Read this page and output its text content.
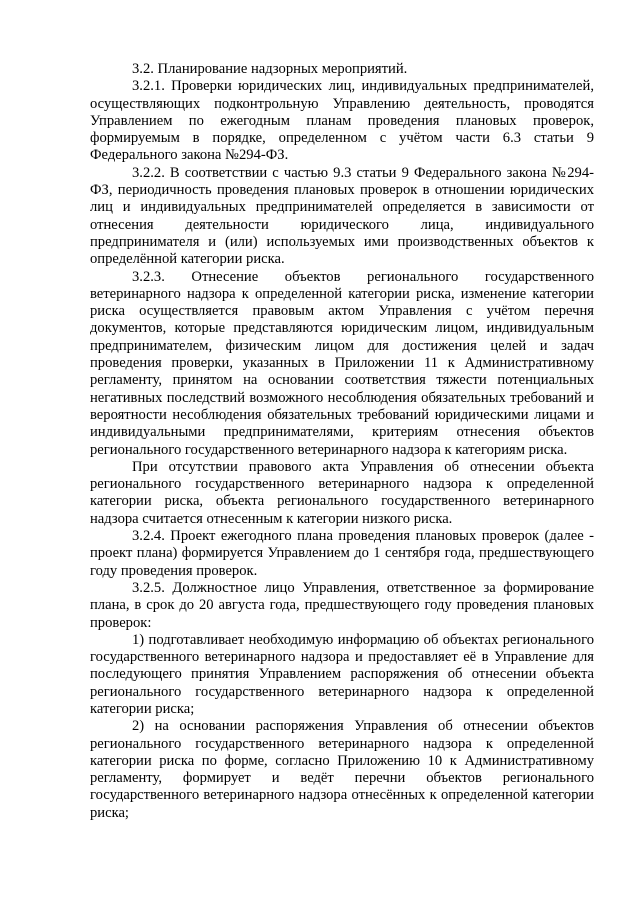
3.2. Планирование надзорных мероприятий.

3.2.1. Проверки юридических лиц, индивидуальных предпринимателей, осуществляющих подконтрольную Управлению деятельность, проводятся Управлением по ежегодным планам проведения плановых проверок, формируемым в порядке, определенном с учётом части 6.3 статьи 9 Федерального закона №294-ФЗ.

3.2.2. В соответствии с частью 9.3 статьи 9 Федерального закона №294-ФЗ, периодичность проведения плановых проверок в отношении юридических лиц и индивидуальных предпринимателей определяется в зависимости от отнесения деятельности юридического лица, индивидуального предпринимателя и (или) используемых ими производственных объектов к определённой категории риска.

3.2.3. Отнесение объектов регионального государственного ветеринарного надзора к определенной категории риска, изменение категории риска осуществляется правовым актом Управления с учётом перечня документов, которые представляются юридическим лицом, индивидуальным предпринимателем, физическим лицом для достижения целей и задач проведения проверки, указанных в Приложении 11 к Административному регламенту, принятом на основании соответствия тяжести потенциальных негативных последствий возможного несоблюдения обязательных требований и вероятности несоблюдения обязательных требований юридическими лицами и индивидуальными предпринимателями, критериям отнесения объектов регионального государственного ветеринарного надзора к категориям риска.

При отсутствии правового акта Управления об отнесении объекта регионального государственного ветеринарного надзора к определенной категории риска, объекта регионального государственного ветеринарного надзора считается отнесенным к категории низкого риска.

3.2.4. Проект ежегодного плана проведения плановых проверок (далее - проект плана) формируется Управлением до 1 сентября года, предшествующего году проведения проверок.

3.2.5. Должностное лицо Управления, ответственное за формирование плана, в срок до 20 августа года, предшествующего году проведения плановых проверок:

1) подготавливает необходимую информацию об объектах регионального государственного ветеринарного надзора и предоставляет её в Управление для последующего принятия Управлением распоряжения об отнесении объекта регионального государственного ветеринарного надзора к определенной категории риска;

2) на основании распоряжения Управления об отнесении объектов регионального государственного ветеринарного надзора к определенной категории риска по форме, согласно Приложению 10 к Административному регламенту, формирует и ведёт перечни объектов регионального государственного ветеринарного надзора отнесённых к определенной категории риска;
